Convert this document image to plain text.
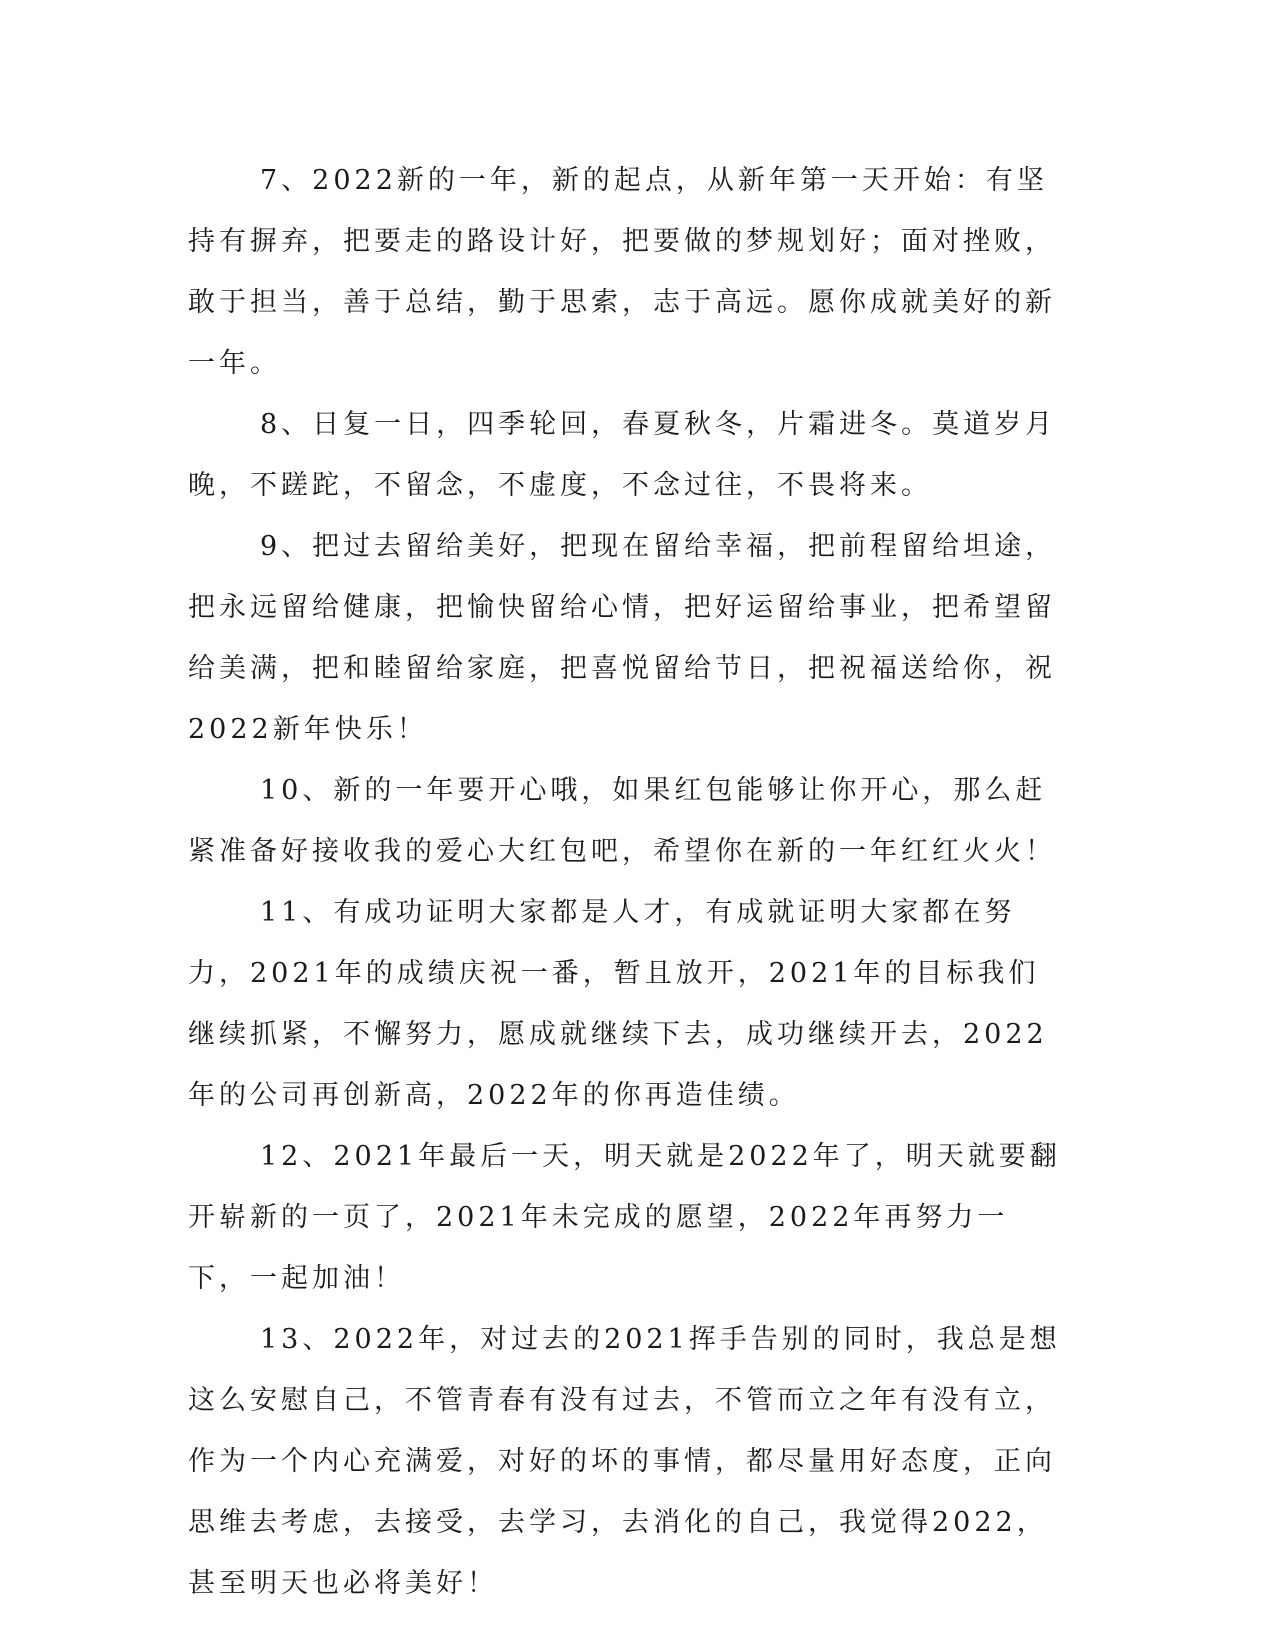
7、2022新的一年，新的起点，从新年第一天开始：有坚持有摒弃，把要走的路设计好，把要做的梦规划好；面对挫败，敢于担当，善于总结，勤于思索，志于高远。愿你成就美好的新一年。

8、日复一日，四季轮回，春夏秋冬，片霜进冬。莫道岁月晚，不蹉跎，不留念，不虚度，不念过往，不畏将来。

9、把过去留给美好，把现在留给幸福，把前程留给坦途，把永远留给健康，把愉快留给心情，把好运留给事业，把希望留给美满，把和睦留给家庭，把喜悦留给节日，把祝福送给你，祝2022新年快乐！

10、新的一年要开心哦，如果红包能够让你开心，那么赶紧准备好接收我的爱心大红包吧，希望你在新的一年红红火火！

11、有成功证明大家都是人才，有成就证明大家都在努力，2021年的成绩庆祝一番，暂且放开，2021年的目标我们继续抓紧，不懈努力，愿成就继续下去，成功继续开去，2022年的公司再创新高，2022年的你再造佳绩。

12、2021年最后一天，明天就是2022年了，明天就要翻开崭新的一页了，2021年未完成的愿望，2022年再努力一下，一起加油！

13、2022年，对过去的2021挥手告别的同时，我总是想这么安慰自己，不管青春有没有过去，不管而立之年有没有立，作为一个内心充满爱，对好的坏的事情，都尽量用好态度，正向思维去考虑，去接受，去学习，去消化的自己，我觉得2022，甚至明天也必将美好！
